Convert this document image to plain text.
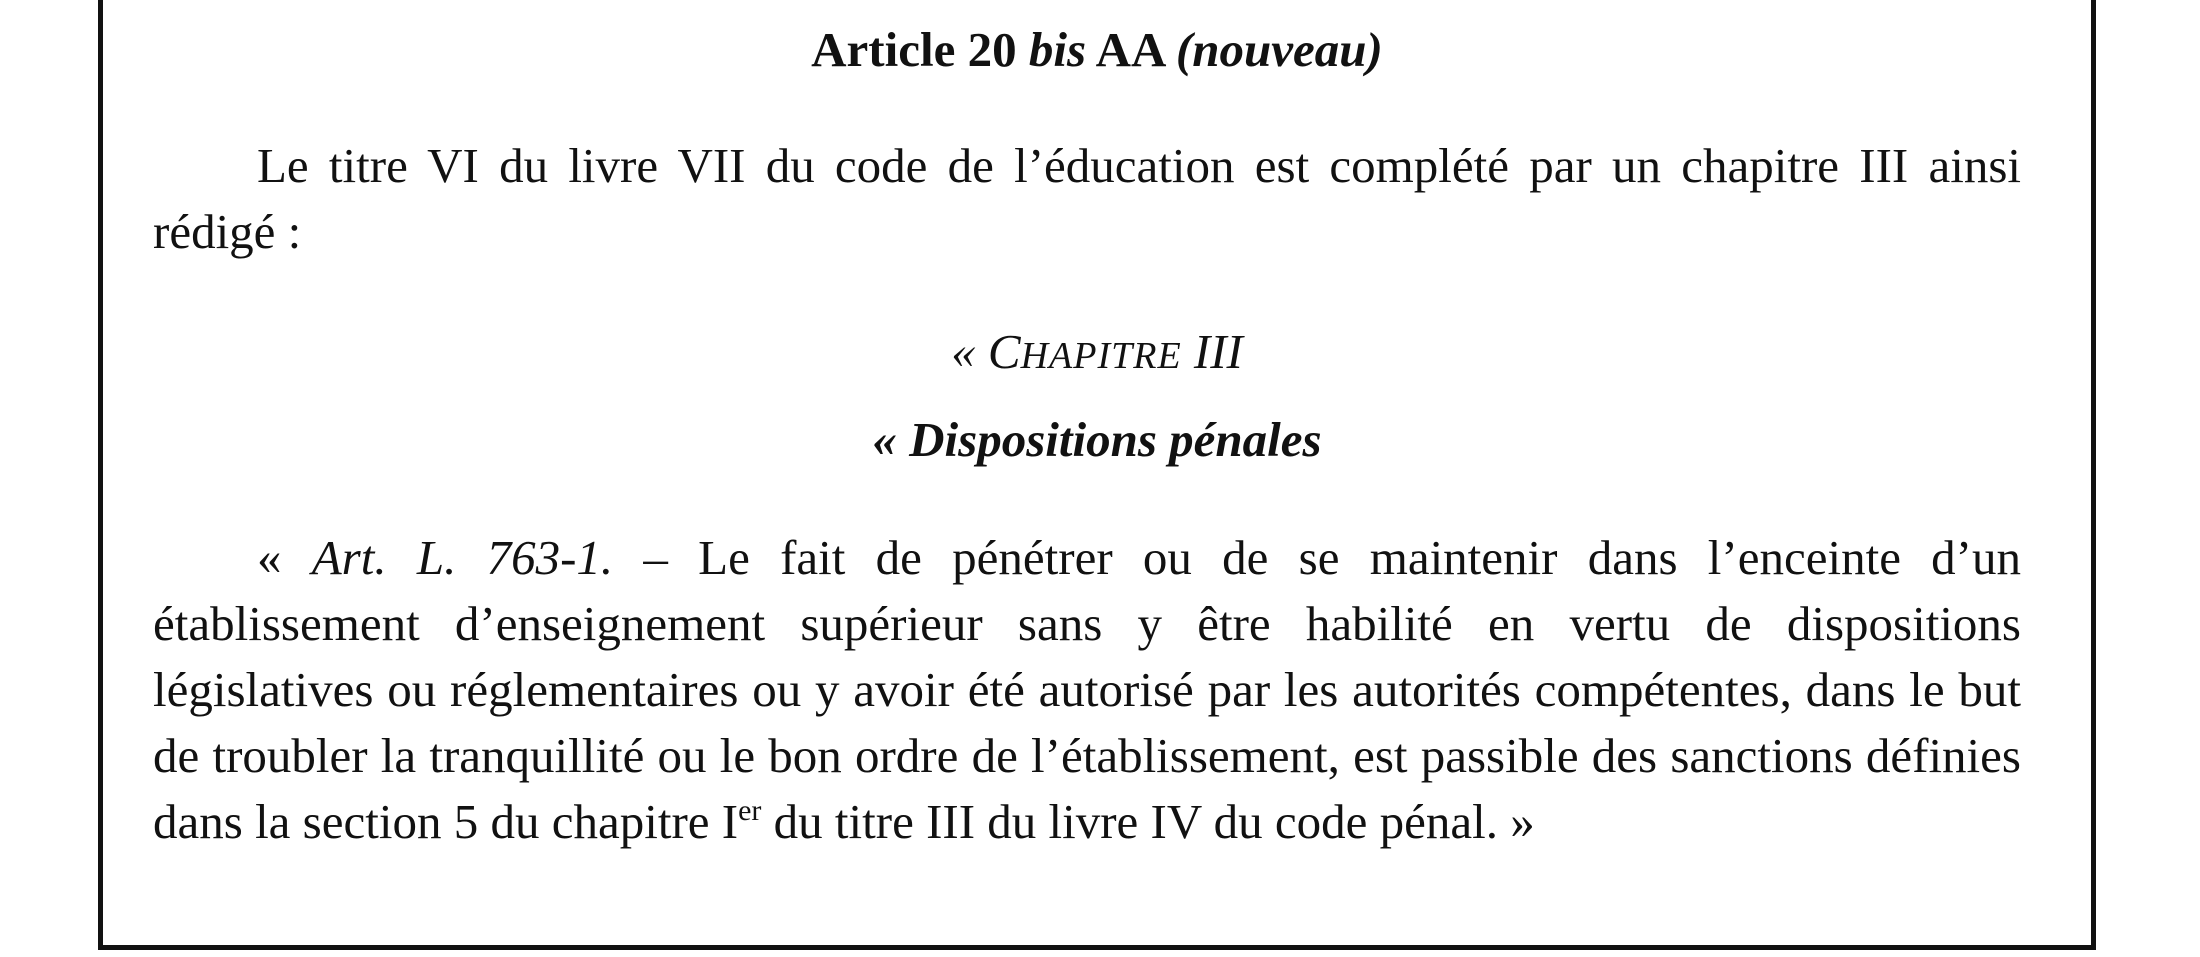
Article 20 bis AA (nouveau)

Le titre VI du livre VII du code de l’éducation est complété par un chapitre III ainsi rédigé :

« CHAPITRE III
« Dispositions pénales

« Art. L. 763-1. – Le fait de pénétrer ou de se maintenir dans l’enceinte d’un établissement d’enseignement supérieur sans y être habilité en vertu de dispositions législatives ou réglementaires ou y avoir été autorisé par les autorités compétentes, dans le but de troubler la tranquillité ou le bon ordre de l’établissement, est passible des sanctions définies dans la section 5 du chapitre Ier du titre III du livre IV du code pénal. »
